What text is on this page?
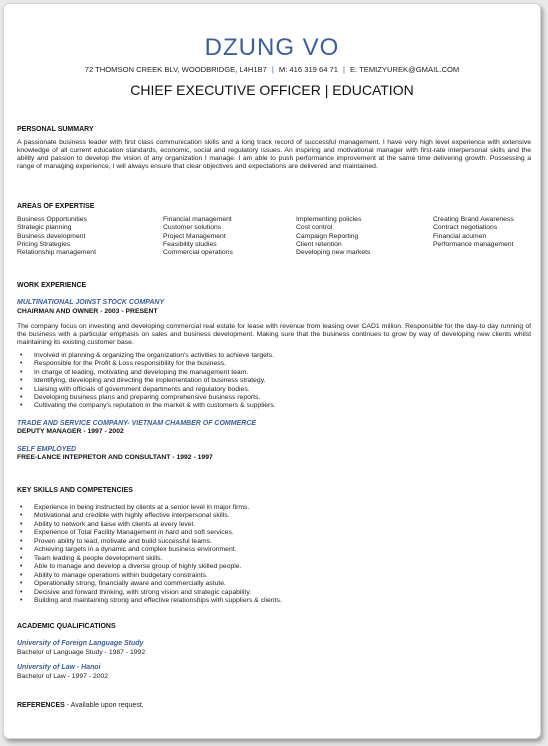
DZUNG VO
72 THOMSON CREEK BLV, WOODBRIDGE, L4H1B7 | M: 416 319 64 71 | E: TEMIZYUREK@GMAIL.COM
CHIEF EXECUTIVE OFFICER | EDUCATION
PERSONAL SUMMARY
A passionate business leader with first class communication skills and a long track record of successful management. I have very high level experience with extensive knowledge of all current education standards, economic, social and regulatory issues. An inspiring and motivational manager with first-rate interpersonal skills and the ability and passion to develop the vision of any organization I manage. I am able to push performance improvement at the same time delivering growth. Possessing a range of managing experience, I will always ensure that clear objectives and expectations are delivered and maintained.
AREAS OF EXPERTISE
Business Opportunities
Strategic planning
Business development
Pricing Strategies
Relationship management
Financial management
Customer solutions
Project Management
Feasibility studies
Commercial operations
Implementing policies
Cost control
Campaign Reporting
Client retention
Developing new markets
Creating Brand Awareness
Contract negotiations
Financial acumen
Performance management
WORK EXPERIENCE
MULTINATIONAL JOINST STOCK COMPANY
CHAIRMAN AND OWNER - 2003 - PRESENT
The company focus on investing and developing commercial real estate for lease with revenue from leasing over CAD1 million. Responsible for the day-to day running of the business with a particular emphasis on sales and business development. Making sure that the business continues to grow by way of developing new clients whilst maintaining its existing customer base.
• Involved in planning & organizing the organization's activities to achieve targets.
• Responsible for the Profit & Loss responsibility for the business.
• In charge of leading, motivating and developing the management team.
• Identifying, developing and directing the implementation of business strategy.
• Liaising with officials of government departments and regulatory bodies.
• Developing business plans and preparing comprehensive business reports.
• Cultivating the company's reputation in the market & with customers & suppliers.
TRADE AND SERVICE COMPANY- VIETNAM CHAMBER OF COMMERCE
DEPUTY MANAGER - 1997 - 2002
SELF EMPLOYED
FREE-LANCE INTEPRETOR AND CONSULTANT - 1992 - 1997
KEY SKILLS AND COMPETENCIES
• Experience in being instructed by clients at a senior level in major firms.
• Motivational and credible with highly effective interpersonal skills.
• Ability to network and liaise with clients at every level.
• Experience of Total Facility Management in hard and soft services.
• Proven ability to lead, motivate and build successful teams.
• Achieving targets in a dynamic and complex business environment.
• Team leading & people development skills.
• Able to manage and develop a diverse group of highly skilled people.
• Ability to manage operations within budgetary constraints.
• Operationally strong, financially aware and commercially astute.
• Decisive and forward thinking, with strong vision and strategic capability.
• Building and maintaining strong and effective relationships with suppliers & clients.
ACADEMIC QUALIFICATIONS
University of Foreign Language Study
Bachelor of Language Study - 1987 - 1992
University of Law - Hanoi
Bachelor of Law - 1997 - 2002
REFERENCES - Available upon request.
